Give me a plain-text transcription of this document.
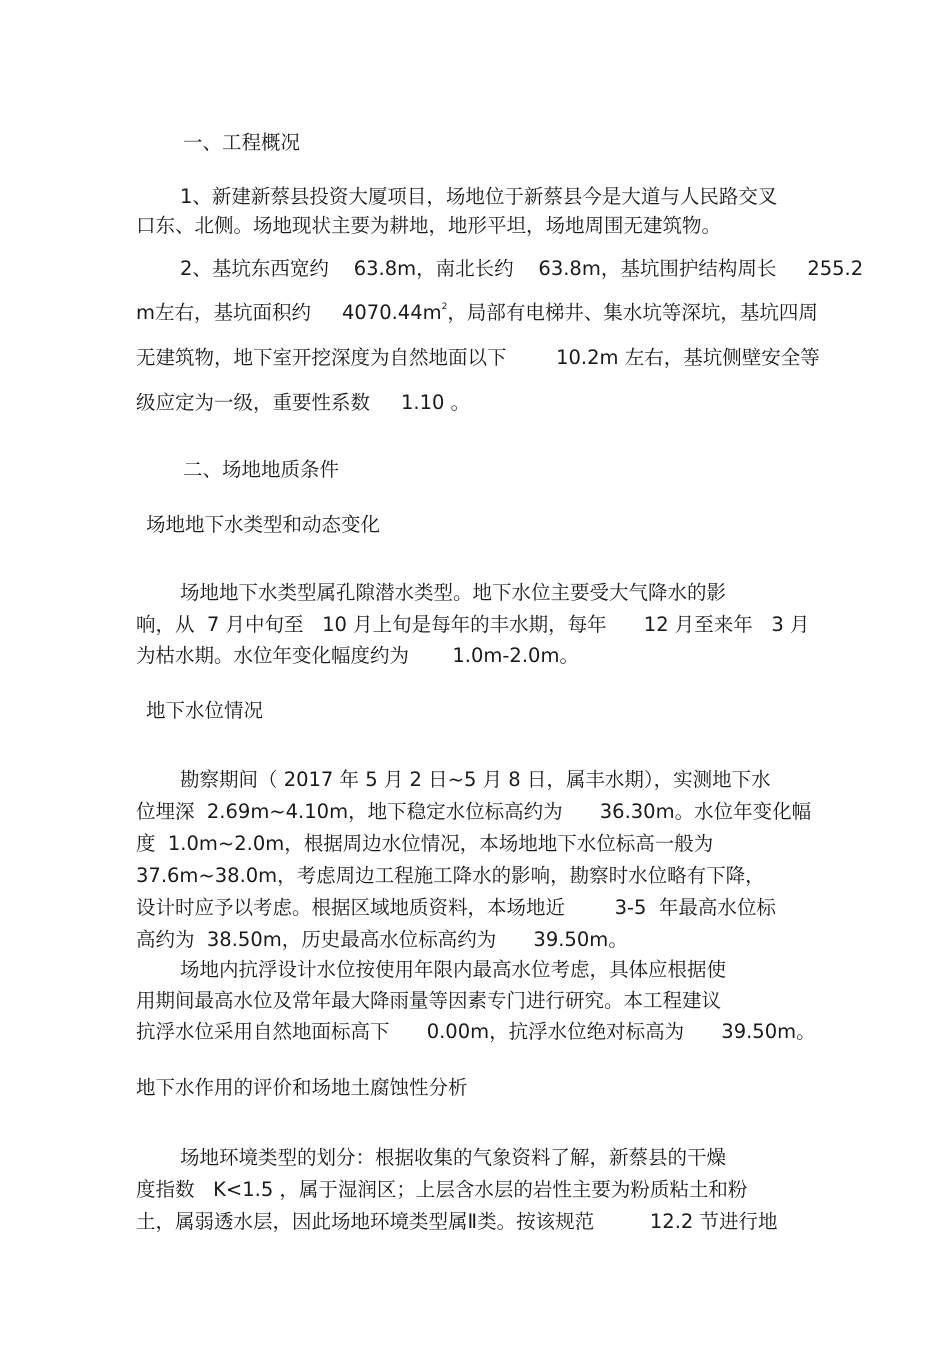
一、工程概况
1、新建新蔡县投资大厦项目，场地位于新蔡县今是大道与人民路交叉
口东、北侧。场地现状主要为耕地，地形平坦，场地周围无建筑物。
2、基坑东西宽约    63.8m，南北长约    63.8m，基坑围护结构周长     255.2
m左右，基坑面积约     $4070.44m^2$，局部有电梯井、集水坑等深坑，基坑四周
无建筑物，地下室开挖深度为自然地面以下        10.2m 左右，基坑侧壁安全等
级应定为一级，重要性系数     1.10 。
二、场地地质条件
场地地下水类型和动态变化
场地地下水类型属孔隙潜水类型。地下水位主要受大气降水的影
响，从  7 月中旬至   10 月上旬是每年的丰水期，每年      12 月至来年   3 月
为枯水期。水位年变化幅度约为       1.0m-2.0m。
地下水位情况
勘察期间（ 2017 年 5 月 2 日~5 月 8 日，属丰水期），实测地下水
位埋深  2.69m~4.10m，地下稳定水位标高约为      36.30m。水位年变化幅
度  1.0m~2.0m，根据周边水位情况，本场地地下水位标高一般为
37.6m~38.0m，考虑周边工程施工降水的影响，勘察时水位略有下降，
设计时应予以考虑。根据区域地质资料，本场地近        3-5  年最高水位标
高约为  38.50m，历史最高水位标高约为      39.50m。
场地内抗浮设计水位按使用年限内最高水位考虑，具体应根据使
用期间最高水位及常年最大降雨量等因素专门进行研究。本工程建议
抗浮水位采用自然地面标高下      0.00m，抗浮水位绝对标高为      39.50m。
地下水作用的评价和场地土腐蚀性分析
场地环境类型的划分：根据收集的气象资料了解，新蔡县的干燥
度指数   K<1.5 ，属于湿润区；上层含水层的岩性主要为粉质粘土和粉
土，属弱透水层，因此场地环境类型属Ⅱ类。按该规范         12.2 节进行地
